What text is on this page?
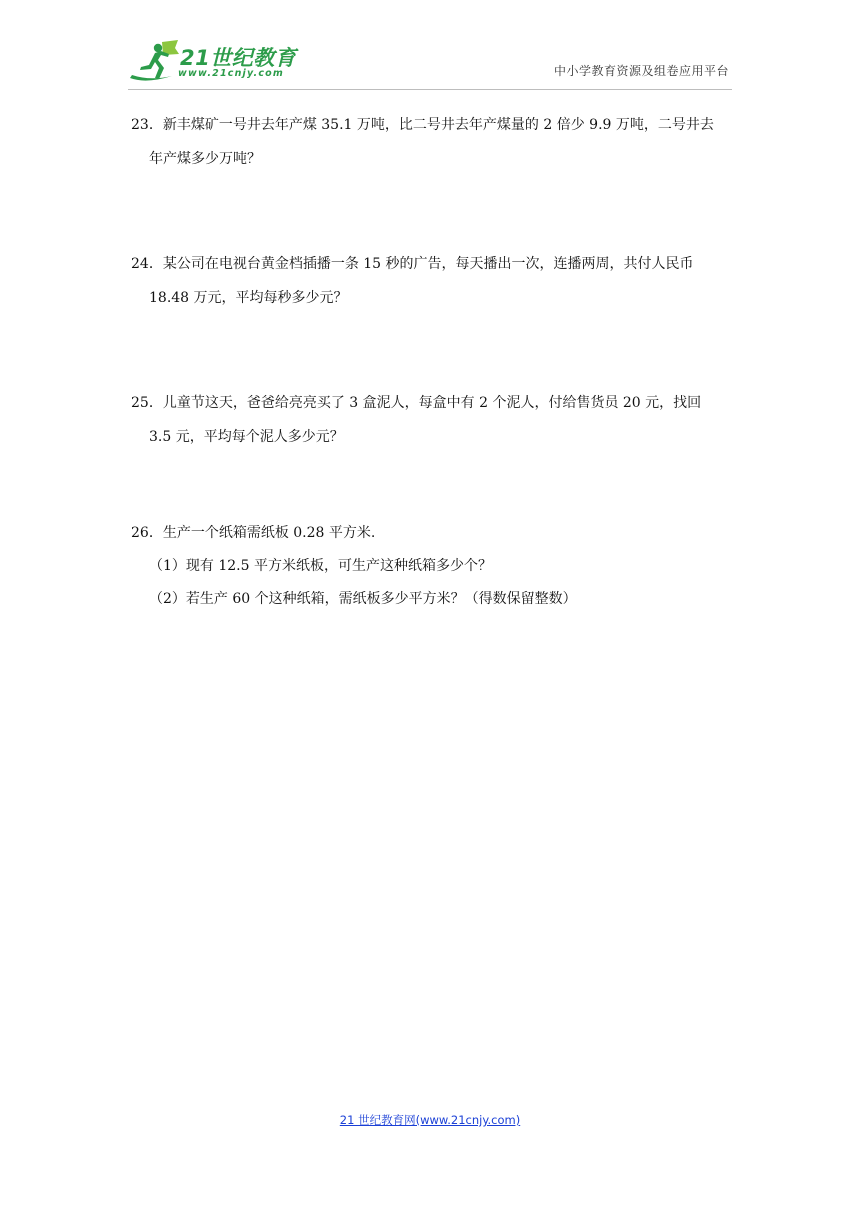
21世纪教育
www.21cnjy.com	中小学教育资源及组卷应用平台

23．新丰煤矿一号井去年产煤 35.1 万吨，比二号井去年产煤量的 2 倍少 9.9 万吨，二号井去

年产煤多少万吨？

24．某公司在电视台黄金档插播一条 15 秒的广告，每天播出一次，连播两周，共付人民币

18.48 万元，平均每秒多少元？

25．儿童节这天，爸爸给亮亮买了 3 盒泥人，每盒中有 2 个泥人，付给售货员 20 元，找回

3.5 元，平均每个泥人多少元？

26．生产一个纸箱需纸板 0.28 平方米.

（1）现有 12.5 平方米纸板，可生产这种纸箱多少个？

（2）若生产 60 个这种纸箱，需纸板多少平方米？（得数保留整数）

21 世纪教育网(www.21cnjy.com)
